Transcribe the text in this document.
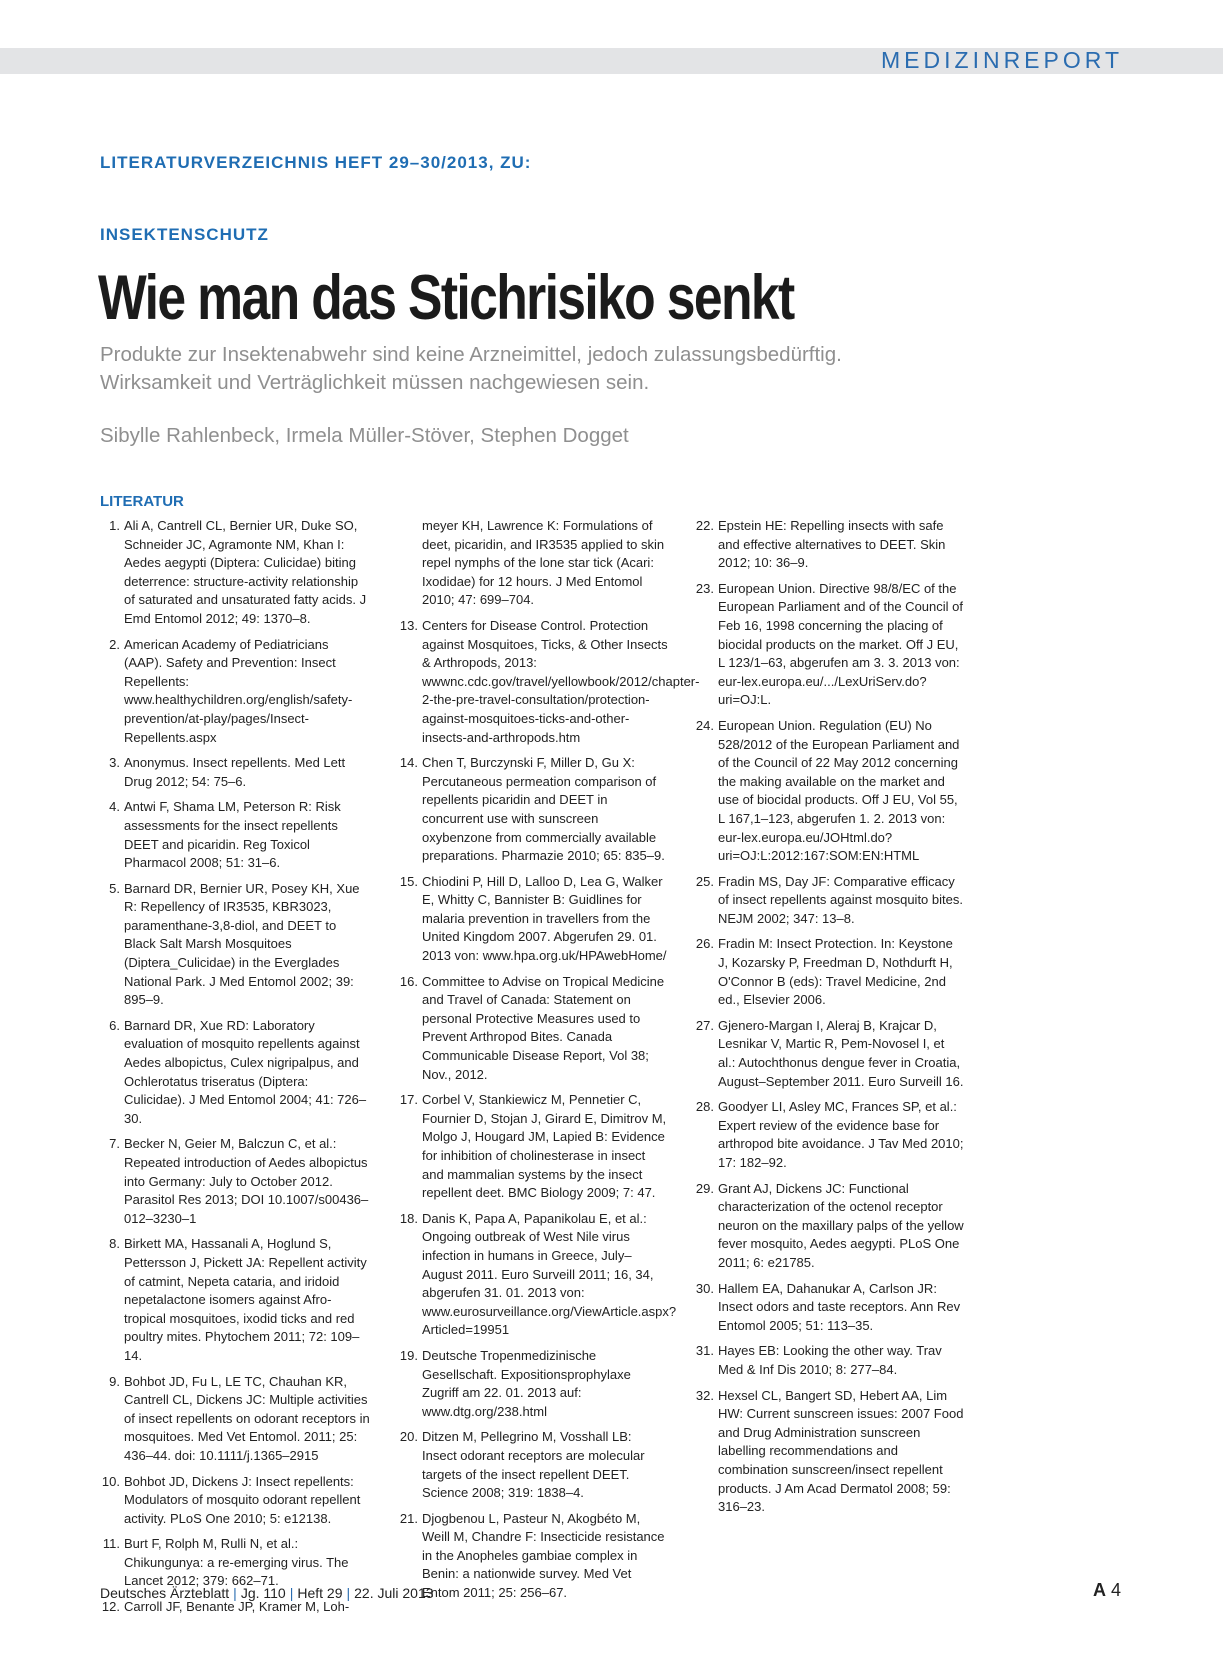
MEDIZINREPORT
LITERATURVERZEICHNIS HEFT 29–30/2013, ZU:
INSEKTENSCHUTZ
Wie man das Stichrisiko senkt
Produkte zur Insektenabwehr sind keine Arzneimittel, jedoch zulassungsbedürftig.
Wirksamkeit und Verträglichkeit müssen nachgewiesen sein.
Sibylle Rahlenbeck, Irmela Müller-Stöver, Stephen Dogget
LITERATUR
1. Ali A, Cantrell CL, Bernier UR, Duke SO, Schneider JC, Agramonte NM, Khan I: Aedes aegypti (Diptera: Culicidae) biting deterrence: structure-activity relationship of saturated and unsaturated fatty acids. J Emd Entomol 2012; 49: 1370–8.
2. American Academy of Pediatricians (AAP). Safety and Prevention: Insect Repellents: www.healthychildren.org/english/safety-prevention/at-play/pages/Insect-Repellents.aspx
3. Anonymus. Insect repellents. Med Lett Drug 2012; 54: 75–6.
4. Antwi F, Shama LM, Peterson R: Risk assessments for the insect repellents DEET and picaridin. Reg Toxicol Pharmacol 2008; 51: 31–6.
5. Barnard DR, Bernier UR, Posey KH, Xue R: Repellency of IR3535, KBR3023, paramenthane-3,8-diol, and DEET to Black Salt Marsh Mosquitoes (Diptera_Culicidae) in the Everglades National Park. J Med Entomol 2002; 39: 895–9.
6. Barnard DR, Xue RD: Laboratory evaluation of mosquito repellents against Aedes albopictus, Culex nigripalpus, and Ochlerotatus triseratus (Diptera: Culicidae). J Med Entomol 2004; 41: 726–30.
7. Becker N, Geier M, Balczun C, et al.: Repeated introduction of Aedes albopictus into Germany: July to October 2012. Parasitol Res 2013; DOI 10.1007/s00436–012–3230–1
8. Birkett MA, Hassanali A, Hoglund S, Pettersson J, Pickett JA: Repellent activity of catmint, Nepeta cataria, and iridoid nepetalactone isomers against Afro-tropical mosquitoes, ixodid ticks and red poultry mites. Phytochem 2011; 72: 109–14.
9. Bohbot JD, Fu L, LE TC, Chauhan KR, Cantrell CL, Dickens JC: Multiple activities of insect repellents on odorant receptors in mosquitoes. Med Vet Entomol. 2011; 25: 436–44. doi: 10.1111/j.1365–2915
10. Bohbot JD, Dickens J: Insect repellents: Modulators of mosquito odorant repellent activity. PLoS One 2010; 5: e12138.
11. Burt F, Rolph M, Rulli N, et al.: Chikungunya: a re-emerging virus. The Lancet 2012; 379: 662–71.
12. Carroll JF, Benante JP, Kramer M, Loh-
meyer KH, Lawrence K: Formulations of deet, picaridin, and IR3535 applied to skin repel nymphs of the lone star tick (Acari: Ixodidae) for 12 hours. J Med Entomol 2010; 47: 699–704.
13. Centers for Disease Control. Protection against Mosquitoes, Ticks, & Other Insects & Arthropods, 2013: wwwnc.cdc.gov/travel/yellowbook/2012/chapter-2-the-pre-travel-consultation/protection-against-mosquitoes-ticks-and-other-insects-and-arthropods.htm
14. Chen T, Burczynski F, Miller D, Gu X: Percutaneous permeation comparison of repellents picaridin and DEET in concurrent use with sunscreen oxybenzone from commercially available preparations. Pharmazie 2010; 65: 835–9.
15. Chiodini P, Hill D, Lalloo D, Lea G, Walker E, Whitty C, Bannister B: Guidlines for malaria prevention in travellers from the United Kingdom 2007. Abgerufen 29. 01. 2013 von: www.hpa.org.uk/HPAwebHome/
16. Committee to Advise on Tropical Medicine and Travel of Canada: Statement on personal Protective Measures used to Prevent Arthropod Bites. Canada Communicable Disease Report, Vol 38; Nov., 2012.
17. Corbel V, Stankiewicz M, Pennetier C, Fournier D, Stojan J, Girard E, Dimitrov M, Molgo J, Hougard JM, Lapied B: Evidence for inhibition of cholinesterase in insect and mammalian systems by the insect repellent deet. BMC Biology 2009; 7: 47.
18. Danis K, Papa A, Papanikolau E, et al.: Ongoing outbreak of West Nile virus infection in humans in Greece, July–August 2011. Euro Surveill 2011; 16, 34, abgerufen 31. 01. 2013 von: www.eurosurveillance.org/ViewArticle.aspx?Articled=19951
19. Deutsche Tropenmedizinische Gesellschaft. Expositionsprophylaxe Zugriff am 22. 01. 2013 auf: www.dtg.org/238.html
20. Ditzen M, Pellegrino M, Vosshall LB: Insect odorant receptors are molecular targets of the insect repellent DEET. Science 2008; 319: 1838–4.
21. Djogbenou L, Pasteur N, Akogbéto M, Weill M, Chandre F: Insecticide resistance in the Anopheles gambiae complex in Benin: a nationwide survey. Med Vet Entom 2011; 25: 256–67.
22. Epstein HE: Repelling insects with safe and effective alternatives to DEET. Skin 2012; 10: 36–9.
23. European Union. Directive 98/8/EC of the European Parliament and of the Council of Feb 16, 1998 concerning the placing of biocidal products on the market. Off J EU, L 123/1–63, abgerufen am 3. 3. 2013 von: eur-lex.europa.eu/.../LexUriServ.do?uri=OJ:L.
24. European Union. Regulation (EU) No 528/2012 of the European Parliament and of the Council of 22 May 2012 concerning the making available on the market and use of biocidal products. Off J EU, Vol 55, L 167,1–123, abgerufen 1. 2. 2013 von: eur-lex.europa.eu/JOHtml.do?uri=OJ:L:2012:167:SOM:EN:HTML
25. Fradin MS, Day JF: Comparative efficacy of insect repellents against mosquito bites. NEJM 2002; 347: 13–8.
26. Fradin M: Insect Protection. In: Keystone J, Kozarsky P, Freedman D, Nothdurft H, O'Connor B (eds): Travel Medicine, 2nd ed., Elsevier 2006.
27. Gjenero-Margan I, Aleraj B, Krajcar D, Lesnikar V, Martic R, Pem-Novosel I, et al.: Autochthonus dengue fever in Croatia, August–September 2011. Euro Surveill 16.
28. Goodyer LI, Asley MC, Frances SP, et al.: Expert review of the evidence base for arthropod bite avoidance. J Tav Med 2010; 17: 182–92.
29. Grant AJ, Dickens JC: Functional characterization of the octenol receptor neuron on the maxillary palps of the yellow fever mosquito, Aedes aegypti. PLoS One 2011; 6: e21785.
30. Hallem EA, Dahanukar A, Carlson JR: Insect odors and taste receptors. Ann Rev Entomol 2005; 51: 113–35.
31. Hayes EB: Looking the other way. Trav Med & Inf Dis 2010; 8: 277–84.
32. Hexsel CL, Bangert SD, Hebert AA, Lim HW: Current sunscreen issues: 2007 Food and Drug Administration sunscreen labelling recommendations and combination sunscreen/insect repellent products. J Am Acad Dermatol 2008; 59: 316–23.
Deutsches Ärzteblatt | Jg. 110 | Heft 29 | 22. Juli 2013	A 4
